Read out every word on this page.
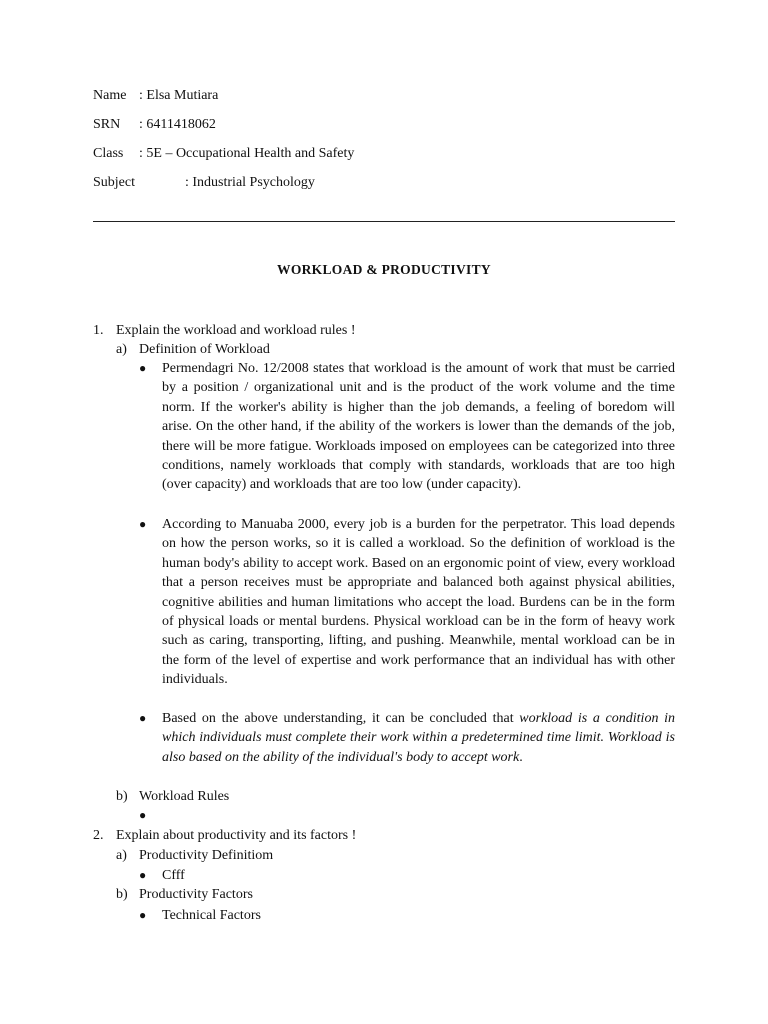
Name : Elsa Mutiara
SRN : 6411418062
Class : 5E – Occupational Health and Safety
Subject	: Industrial Psychology
WORKLOAD & PRODUCTIVITY
1. Explain the workload and workload rules !
a) Definition of Workload
● Permendagri No. 12/2008 states that workload is the amount of work that must be carried by a position / organizational unit and is the product of the work volume and the time norm. If the worker's ability is higher than the job demands, a feeling of boredom will arise. On the other hand, if the ability of the workers is lower than the demands of the job, there will be more fatigue. Workloads imposed on employees can be categorized into three conditions, namely workloads that comply with standards, workloads that are too high (over capacity) and workloads that are too low (under capacity).
● According to Manuaba 2000, every job is a burden for the perpetrator. This load depends on how the person works, so it is called a workload. So the definition of workload is the human body's ability to accept work. Based on an ergonomic point of view, every workload that a person receives must be appropriate and balanced both against physical abilities, cognitive abilities and human limitations who accept the load. Burdens can be in the form of physical loads or mental burdens. Physical workload can be in the form of heavy work such as caring, transporting, lifting, and pushing. Meanwhile, mental workload can be in the form of the level of expertise and work performance that an individual has with other individuals.
● Based on the above understanding, it can be concluded that workload is a condition in which individuals must complete their work within a predetermined time limit. Workload is also based on the ability of the individual's body to accept work.
b) Workload Rules
●
2. Explain about productivity and its factors !
a) Productivity Definitiom
● Cfff
b) Productivity Factors
● Technical Factors
